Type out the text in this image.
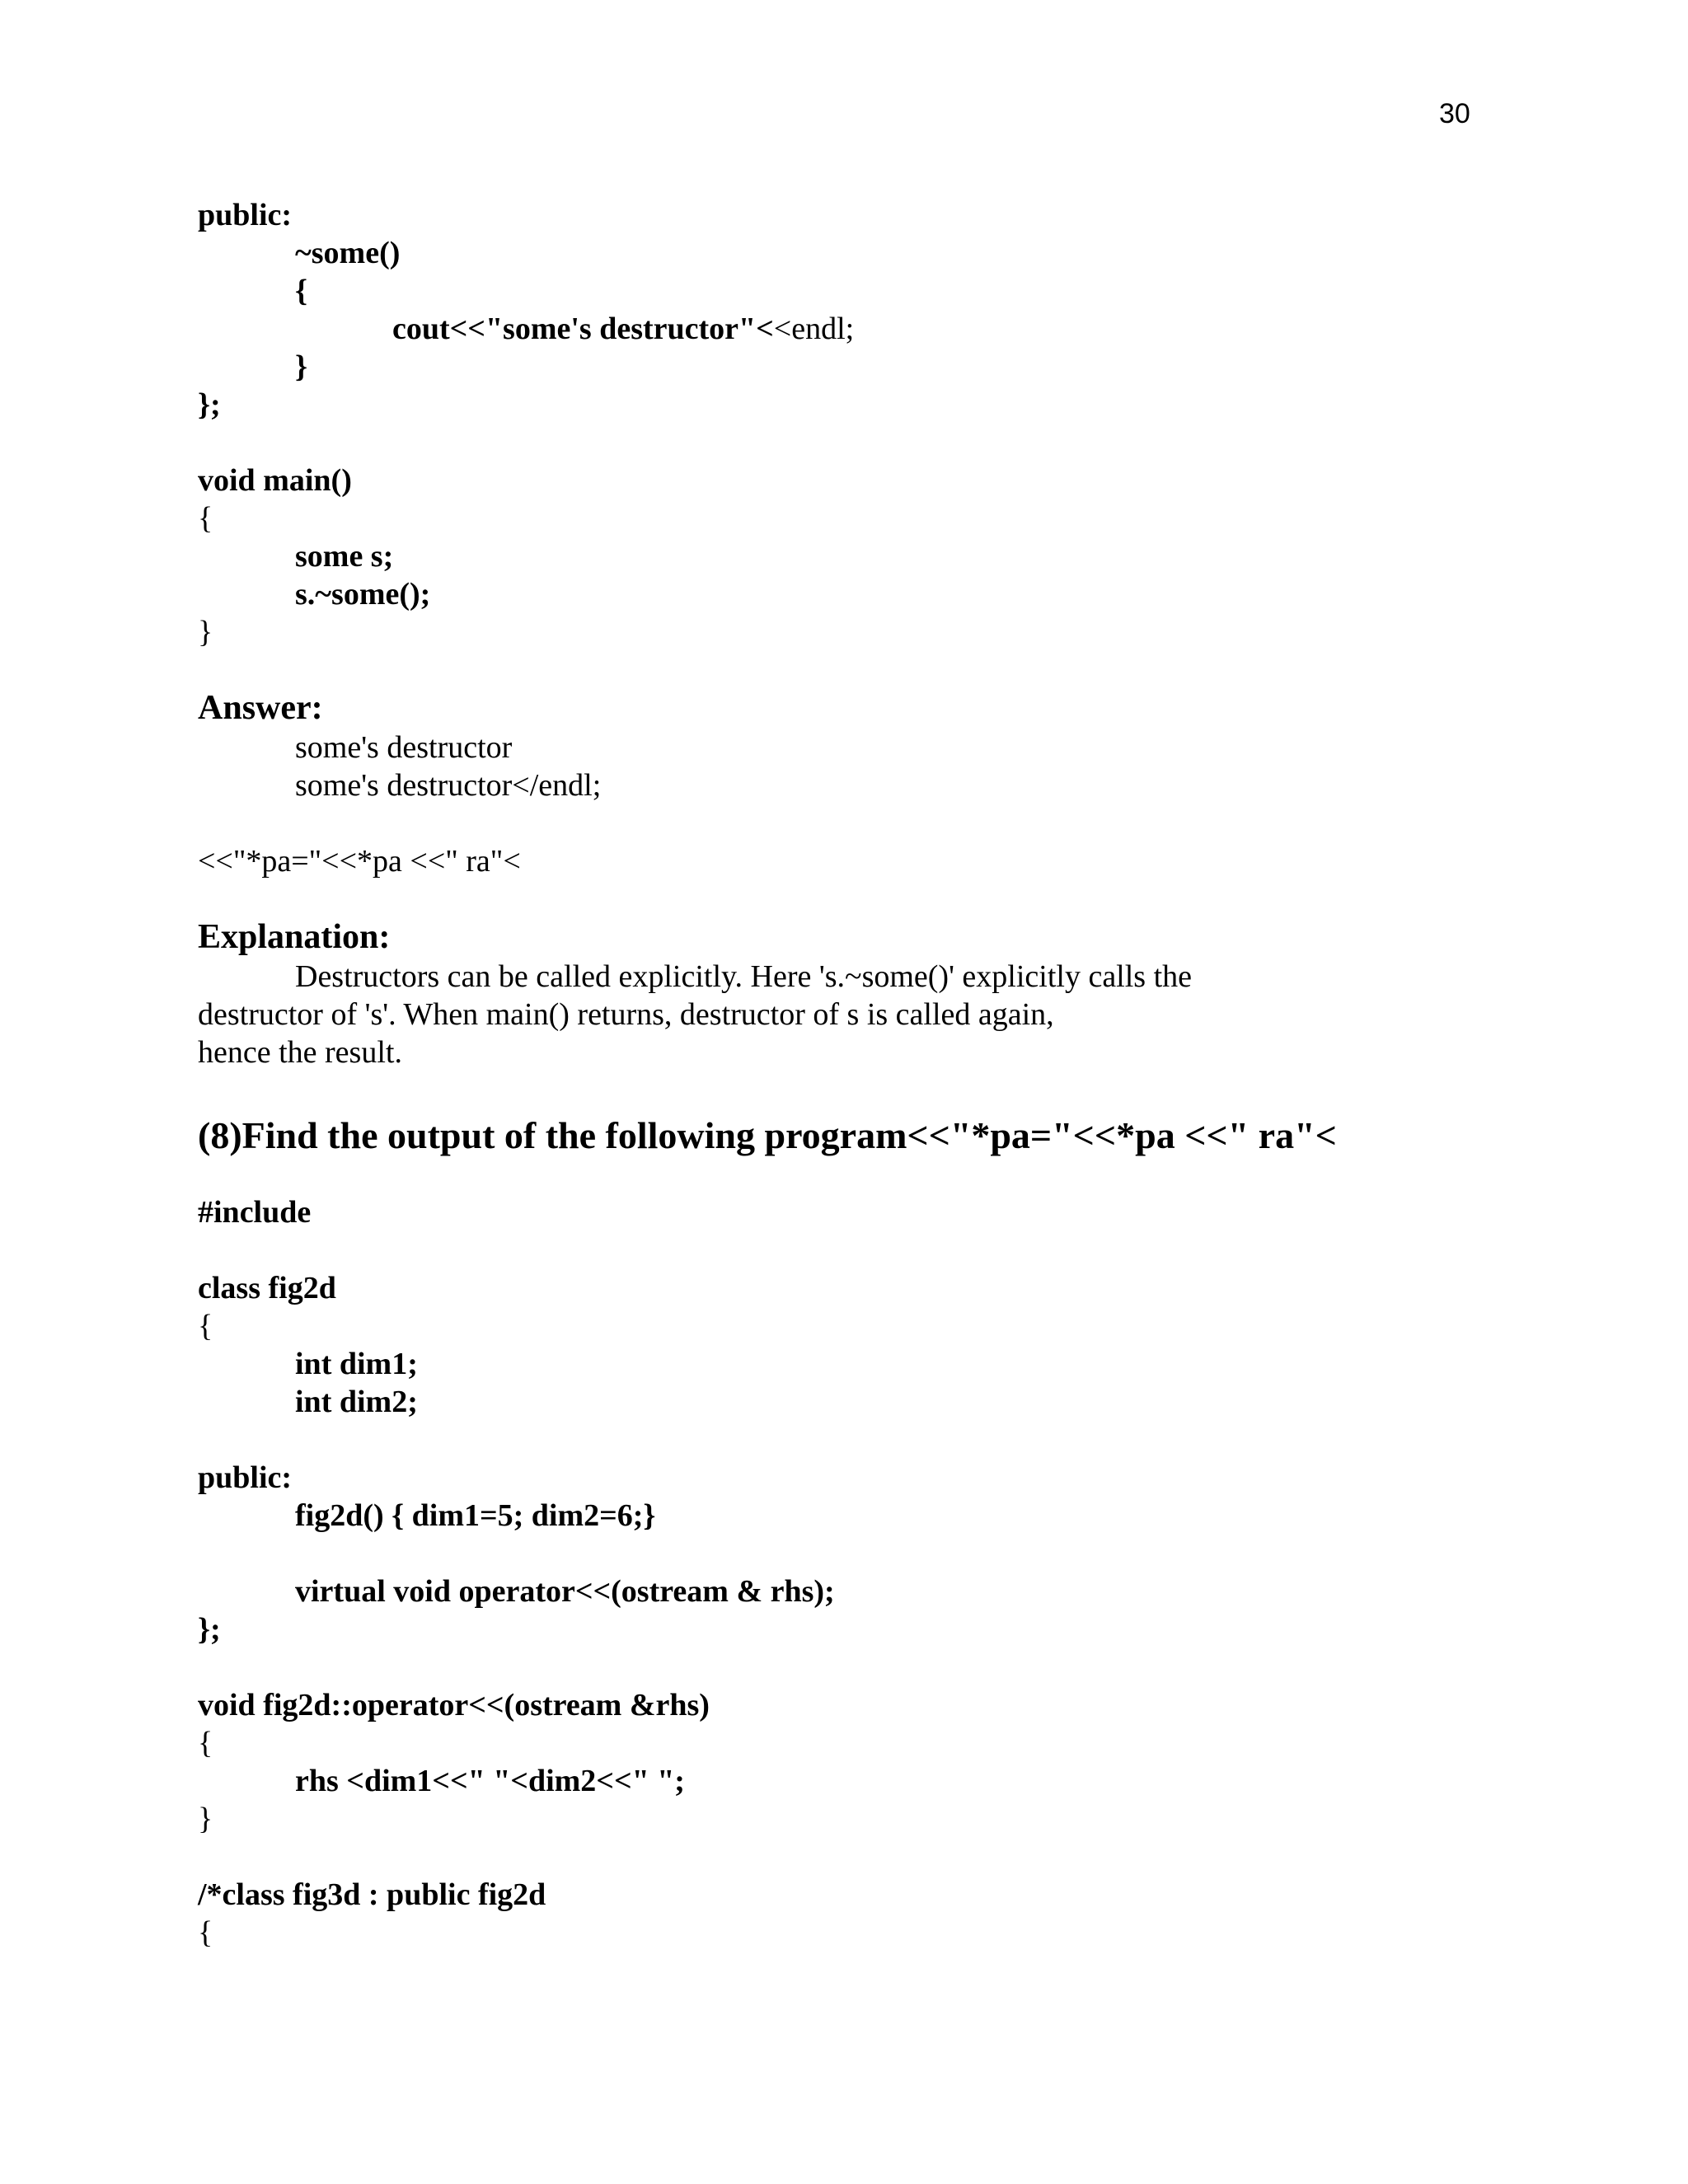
30
public:
~some()
{
cout<<"some's destructor"<<endl;
}
};
void main()
{
some s;
s.~some();
}
Answer:
some's destructor
some's destructor</endl;
<<"*pa="<<*pa <<" ra"<
Explanation:
Destructors can be called explicitly. Here 's.~some()' explicitly calls the
destructor of 's'. When main() returns, destructor of s is called again,
hence the result.
(8)Find the output of the following program<<"*pa="<<*pa <<" ra"<
#include
class fig2d
{
int dim1;
int dim2;
public:
fig2d() { dim1=5; dim2=6;}
virtual void operator<<(ostream & rhs);
};
void fig2d::operator<<(ostream &rhs)
{
rhs <dim1<<" "<dim2<<" ";
}
/*class fig3d : public fig2d
{
